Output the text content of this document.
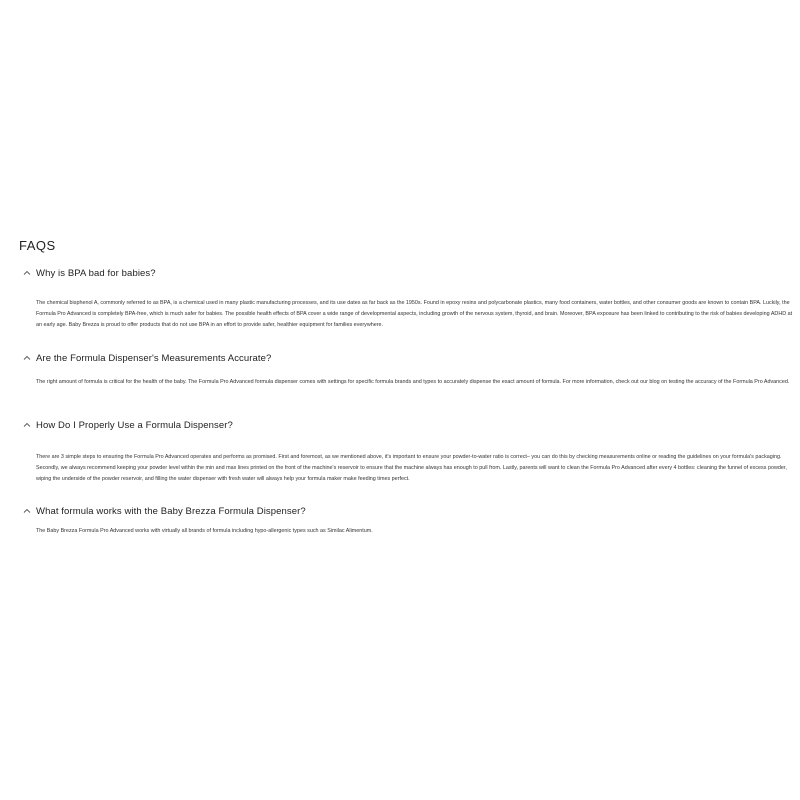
FAQS
Why is BPA bad for babies?

The chemical bisphenol A, commonly referred to as BPA, is a chemical used in many plastic manufacturing processes, and its use dates as far back as the 1950s. Found in epoxy resins and polycarbonate plastics, many food containers, water bottles, and other consumer goods are known to contain BPA. Luckily, the Formula Pro Advanced is completely BPA-free, which is much safer for babies. The possible health effects of BPA cover a wide range of developmental aspects, including growth of the nervous system, thyroid, and brain. Moreover, BPA exposure has been linked to contributing to the risk of babies developing ADHD at an early age. Baby Brezza is proud to offer products that do not use BPA in an effort to provide safer, healthier equipment for families everywhere.

Are the Formula Dispenser's Measurements Accurate?

The right amount of formula is critical for the health of the baby. The Formula Pro Advanced formula dispenser comes with settings for specific formula brands and types to accurately dispense the exact amount of formula. For more information, check out our blog on testing the accuracy of the Formula Pro Advanced.

How Do I Properly Use a Formula Dispenser?

There are 3 simple steps to ensuring the Formula Pro Advanced operates and performs as promised. First and foremost, as we mentioned above, it's important to ensure your powder-to-water ratio is correct– you can do this by checking measurements online or reading the guidelines on your formula's packaging. Secondly, we always recommend keeping your powder level within the min and max lines printed on the front of the machine's reservoir to ensure that the machine always has enough to pull from. Lastly, parents will want to clean the Formula Pro Advanced after every 4 bottles: cleaning the funnel of excess powder, wiping the underside of the powder reservoir, and filling the water dispenser with fresh water will always help your formula maker make feeding times perfect.

What formula works with the Baby Brezza Formula Dispenser?

The Baby Brezza Formula Pro Advanced works with virtually all brands of formula including hypo-allergenic types such as Similac Alimentum.
